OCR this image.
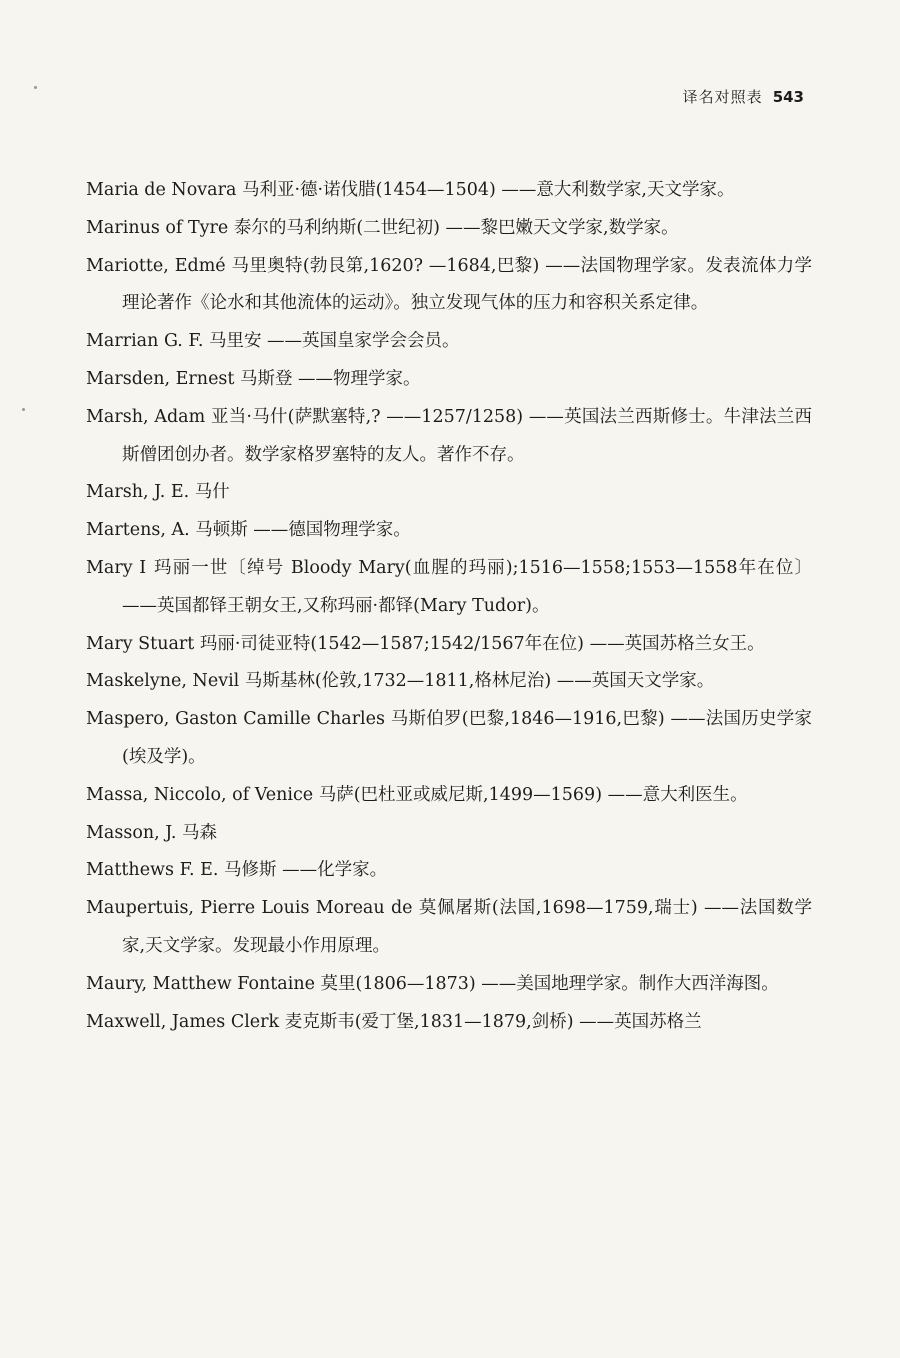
译名对照表 543

Maria de Novara 马利亚·德·诺伐腊(1454—1504) ——意大利数学家,天文学家。

Marinus of Tyre 泰尔的马利纳斯(二世纪初) ——黎巴嫩天文学家,数学家。

Mariotte, Edmé 马里奥特(勃艮第,1620? —1684,巴黎) ——法国物理学家。发表流体力学理论著作《论水和其他流体的运动》。独立发现气体的压力和容积关系定律。

Marrian G. F. 马里安 ——英国皇家学会会员。

Marsden, Ernest 马斯登 ——物理学家。

Marsh, Adam 亚当·马什(萨默塞特,? ——1257/1258) ——英国法兰西斯修士。牛津法兰西斯僧团创办者。数学家格罗塞特的友人。著作不存。

Marsh, J. E. 马什

Martens, A. 马顿斯 ——德国物理学家。

Mary Ⅰ 玛丽一世〔绰号 Bloody Mary(血腥的玛丽);1516—1558;1553—1558年在位〕 ——英国都铎王朝女王,又称玛丽·都铎(Mary Tudor)。

Mary Stuart 玛丽·司徒亚特(1542—1587;1542/1567年在位) ——英国苏格兰女王。

Maskelyne, Nevil 马斯基林(伦敦,1732—1811,格林尼治) ——英国天文学家。

Maspero, Gaston Camille Charles 马斯伯罗(巴黎,1846—1916,巴黎) ——法国历史学家(埃及学)。

Massa, Niccolo, of Venice 马萨(巴杜亚或威尼斯,1499—1569) ——意大利医生。

Masson, J. 马森

Matthews F. E. 马修斯 ——化学家。

Maupertuis, Pierre Louis Moreau de 莫佩屠斯(法国,1698—1759,瑞士) ——法国数学家,天文学家。发现最小作用原理。

Maury, Matthew Fontaine 莫里(1806—1873) ——美国地理学家。制作大西洋海图。

Maxwell, James Clerk 麦克斯韦(爱丁堡,1831—1879,剑桥) ——英国苏格兰
